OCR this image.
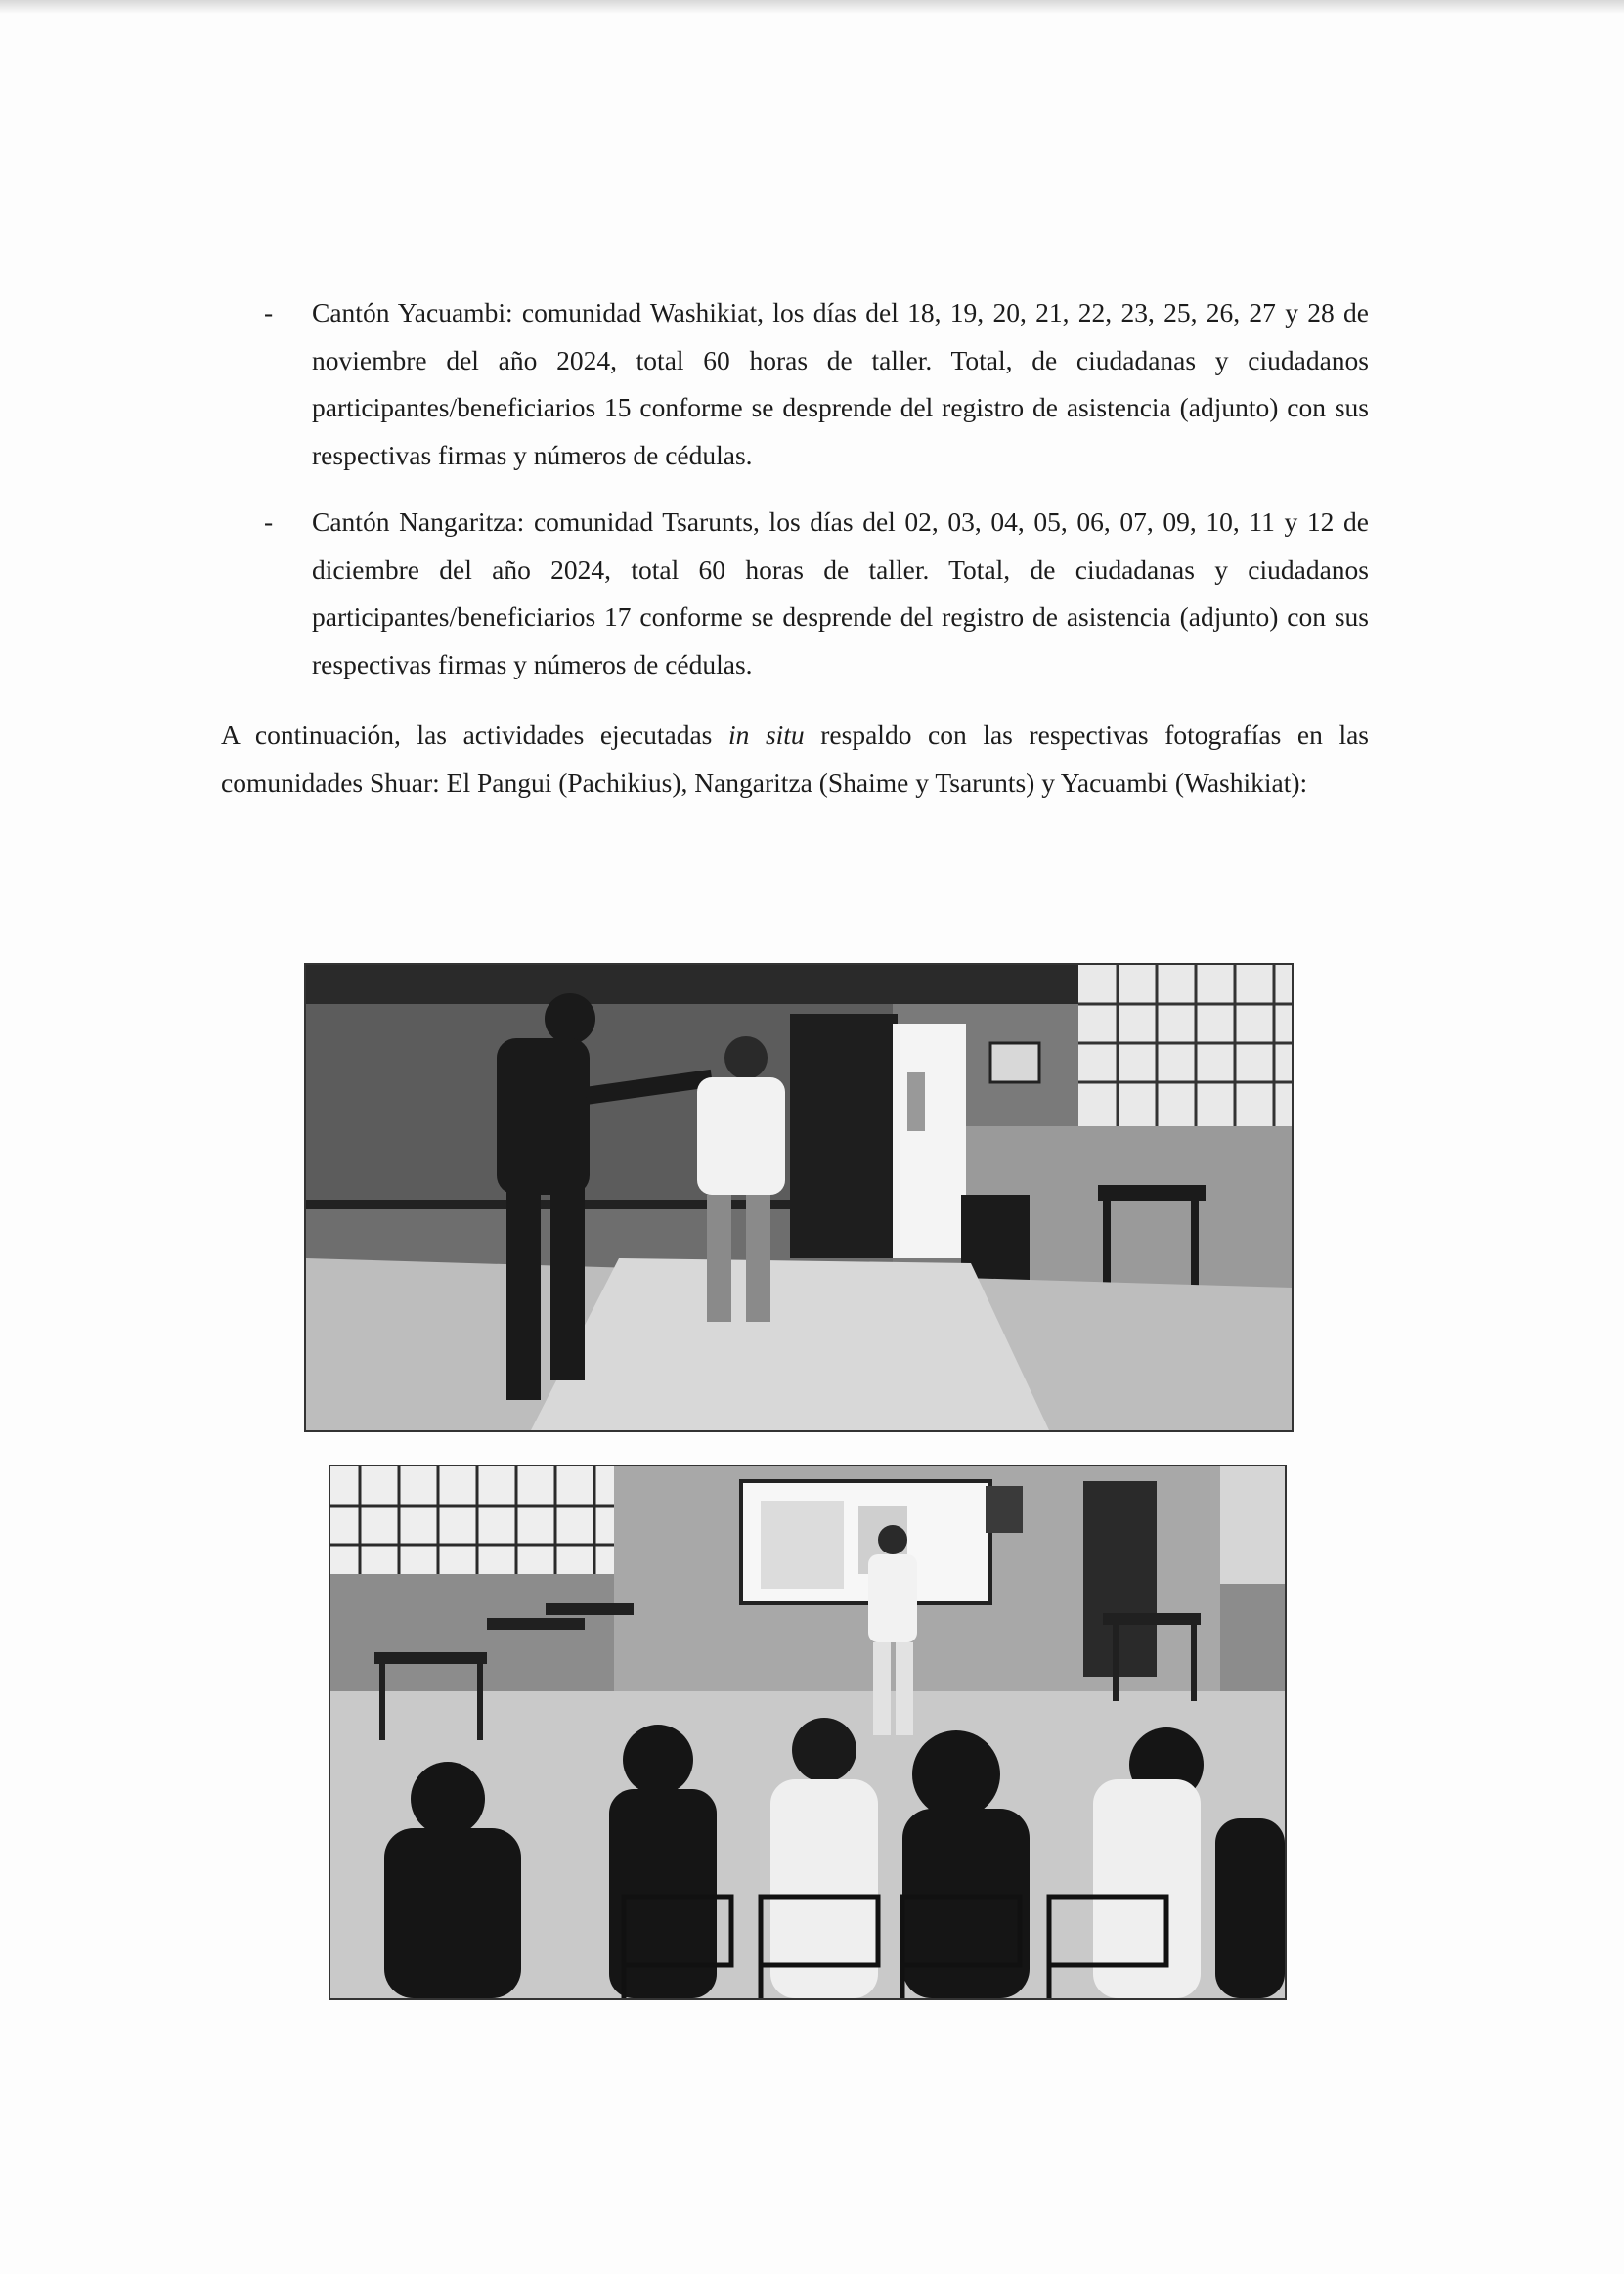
- Cantón Yacuambi: comunidad Washikiat, los días del 18, 19, 20, 21, 22, 23, 25, 26, 27 y 28 de noviembre del año 2024, total 60 horas de taller. Total, de ciudadanas y ciudadanos participantes/beneficiarios 15 conforme se desprende del registro de asistencia (adjunto) con sus respectivas firmas y números de cédulas.
- Cantón Nangaritza: comunidad Tsarunts, los días del 02, 03, 04, 05, 06, 07, 09, 10, 11 y 12 de diciembre del año 2024, total 60 horas de taller. Total, de ciudadanas y ciudadanos participantes/beneficiarios 17 conforme se desprende del registro de asistencia (adjunto) con sus respectivas firmas y números de cédulas.

A continuación, las actividades ejecutadas in situ respaldo con las respectivas fotografías en las comunidades Shuar: El Pangui (Pachikius), Nangaritza (Shaime y Tsarunts) y Yacuambi (Washikiat):
